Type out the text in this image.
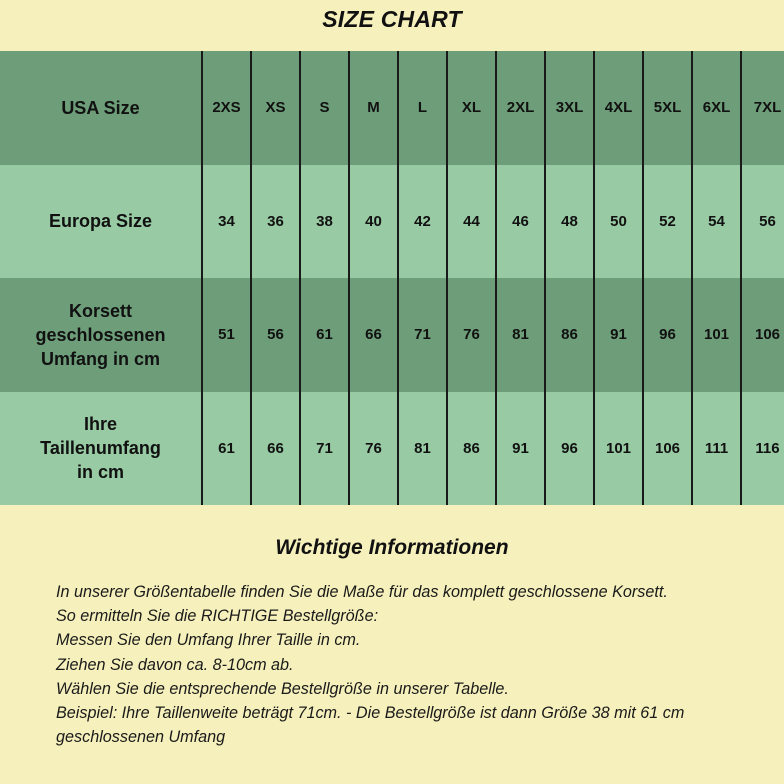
SIZE CHART
USA Size	2XS	XS	S	M	L	XL	2XL	3XL	4XL	5XL	6XL	7XL
Europa Size	34	36	38	40	42	44	46	48	50	52	54	56
Korsett
geschlossenen
Umfang in cm	51	56	61	66	71	76	81	86	91	96	101	106
Ihre
Taillenumfang
in cm	61	66	71	76	81	86	91	96	101	106	111	116
Wichtige Informationen
In unserer Größentabelle finden Sie die Maße für das komplett geschlossene Korsett.
So ermitteln Sie die RICHTIGE Bestellgröße:
Messen Sie den Umfang Ihrer Taille in cm.
Ziehen Sie davon ca. 8-10cm ab.
Wählen Sie die entsprechende Bestellgröße in unserer Tabelle.
Beispiel: Ihre Taillenweite beträgt 71cm. - Die Bestellgröße ist dann Größe 38 mit 61 cm
geschlossenen Umfang
